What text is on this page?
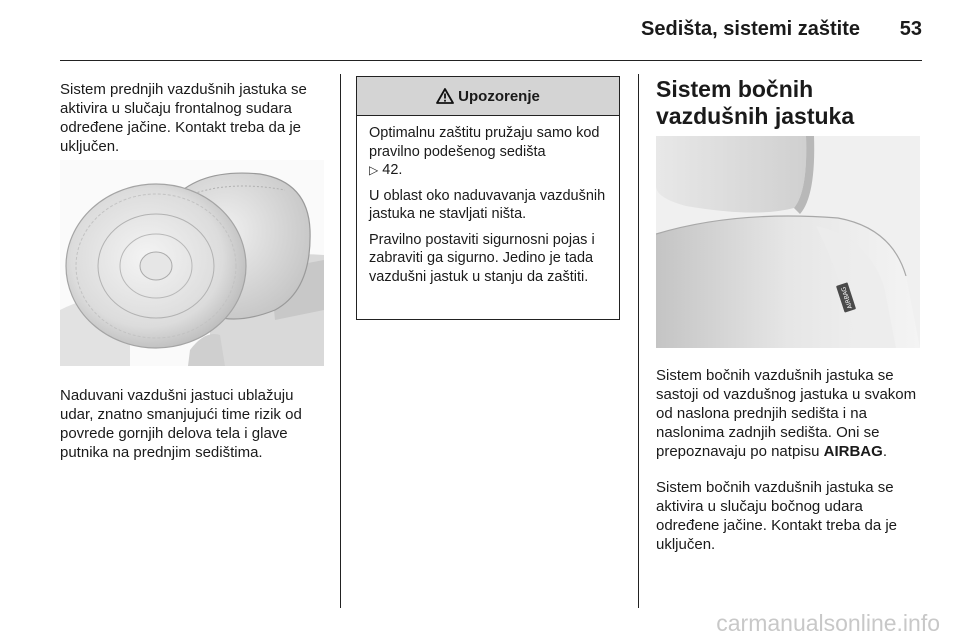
Sedišta, sistemi zaštite	53

Sistem prednjih vazdušnih jastuka se aktivira u slučaju frontalnog sudara određene jačine. Kontakt treba da je uključen.

Naduvani vazdušni jastuci ublažuju udar, znatno smanjujući time rizik od povrede gornjih delova tela i glave putnika na prednjim sedištima.

Upozorenje

Optimalnu zaštitu pružaju samo kod pravilno podešenog sedišta
▷ 42.

U oblast oko naduvavanja vazdušnih jastuka ne stavljati ništa.

Pravilno postaviti sigurnosni pojas i zabraviti ga sigurno. Jedino je tada vazdušni jastuk u stanju da zaštiti.

Sistem bočnih vazdušnih jastuka
AIRBAG

Sistem bočnih vazdušnih jastuka se sastoji od vazdušnog jastuka u svakom od naslona prednjih sedišta i na naslonima zadnjih sedišta. Oni se prepoznavaju po natpisu AIRBAG.

Sistem bočnih vazdušnih jastuka se aktivira u slučaju bočnog udara određene jačine. Kontakt treba da je uključen.

carmanualsonline.info
